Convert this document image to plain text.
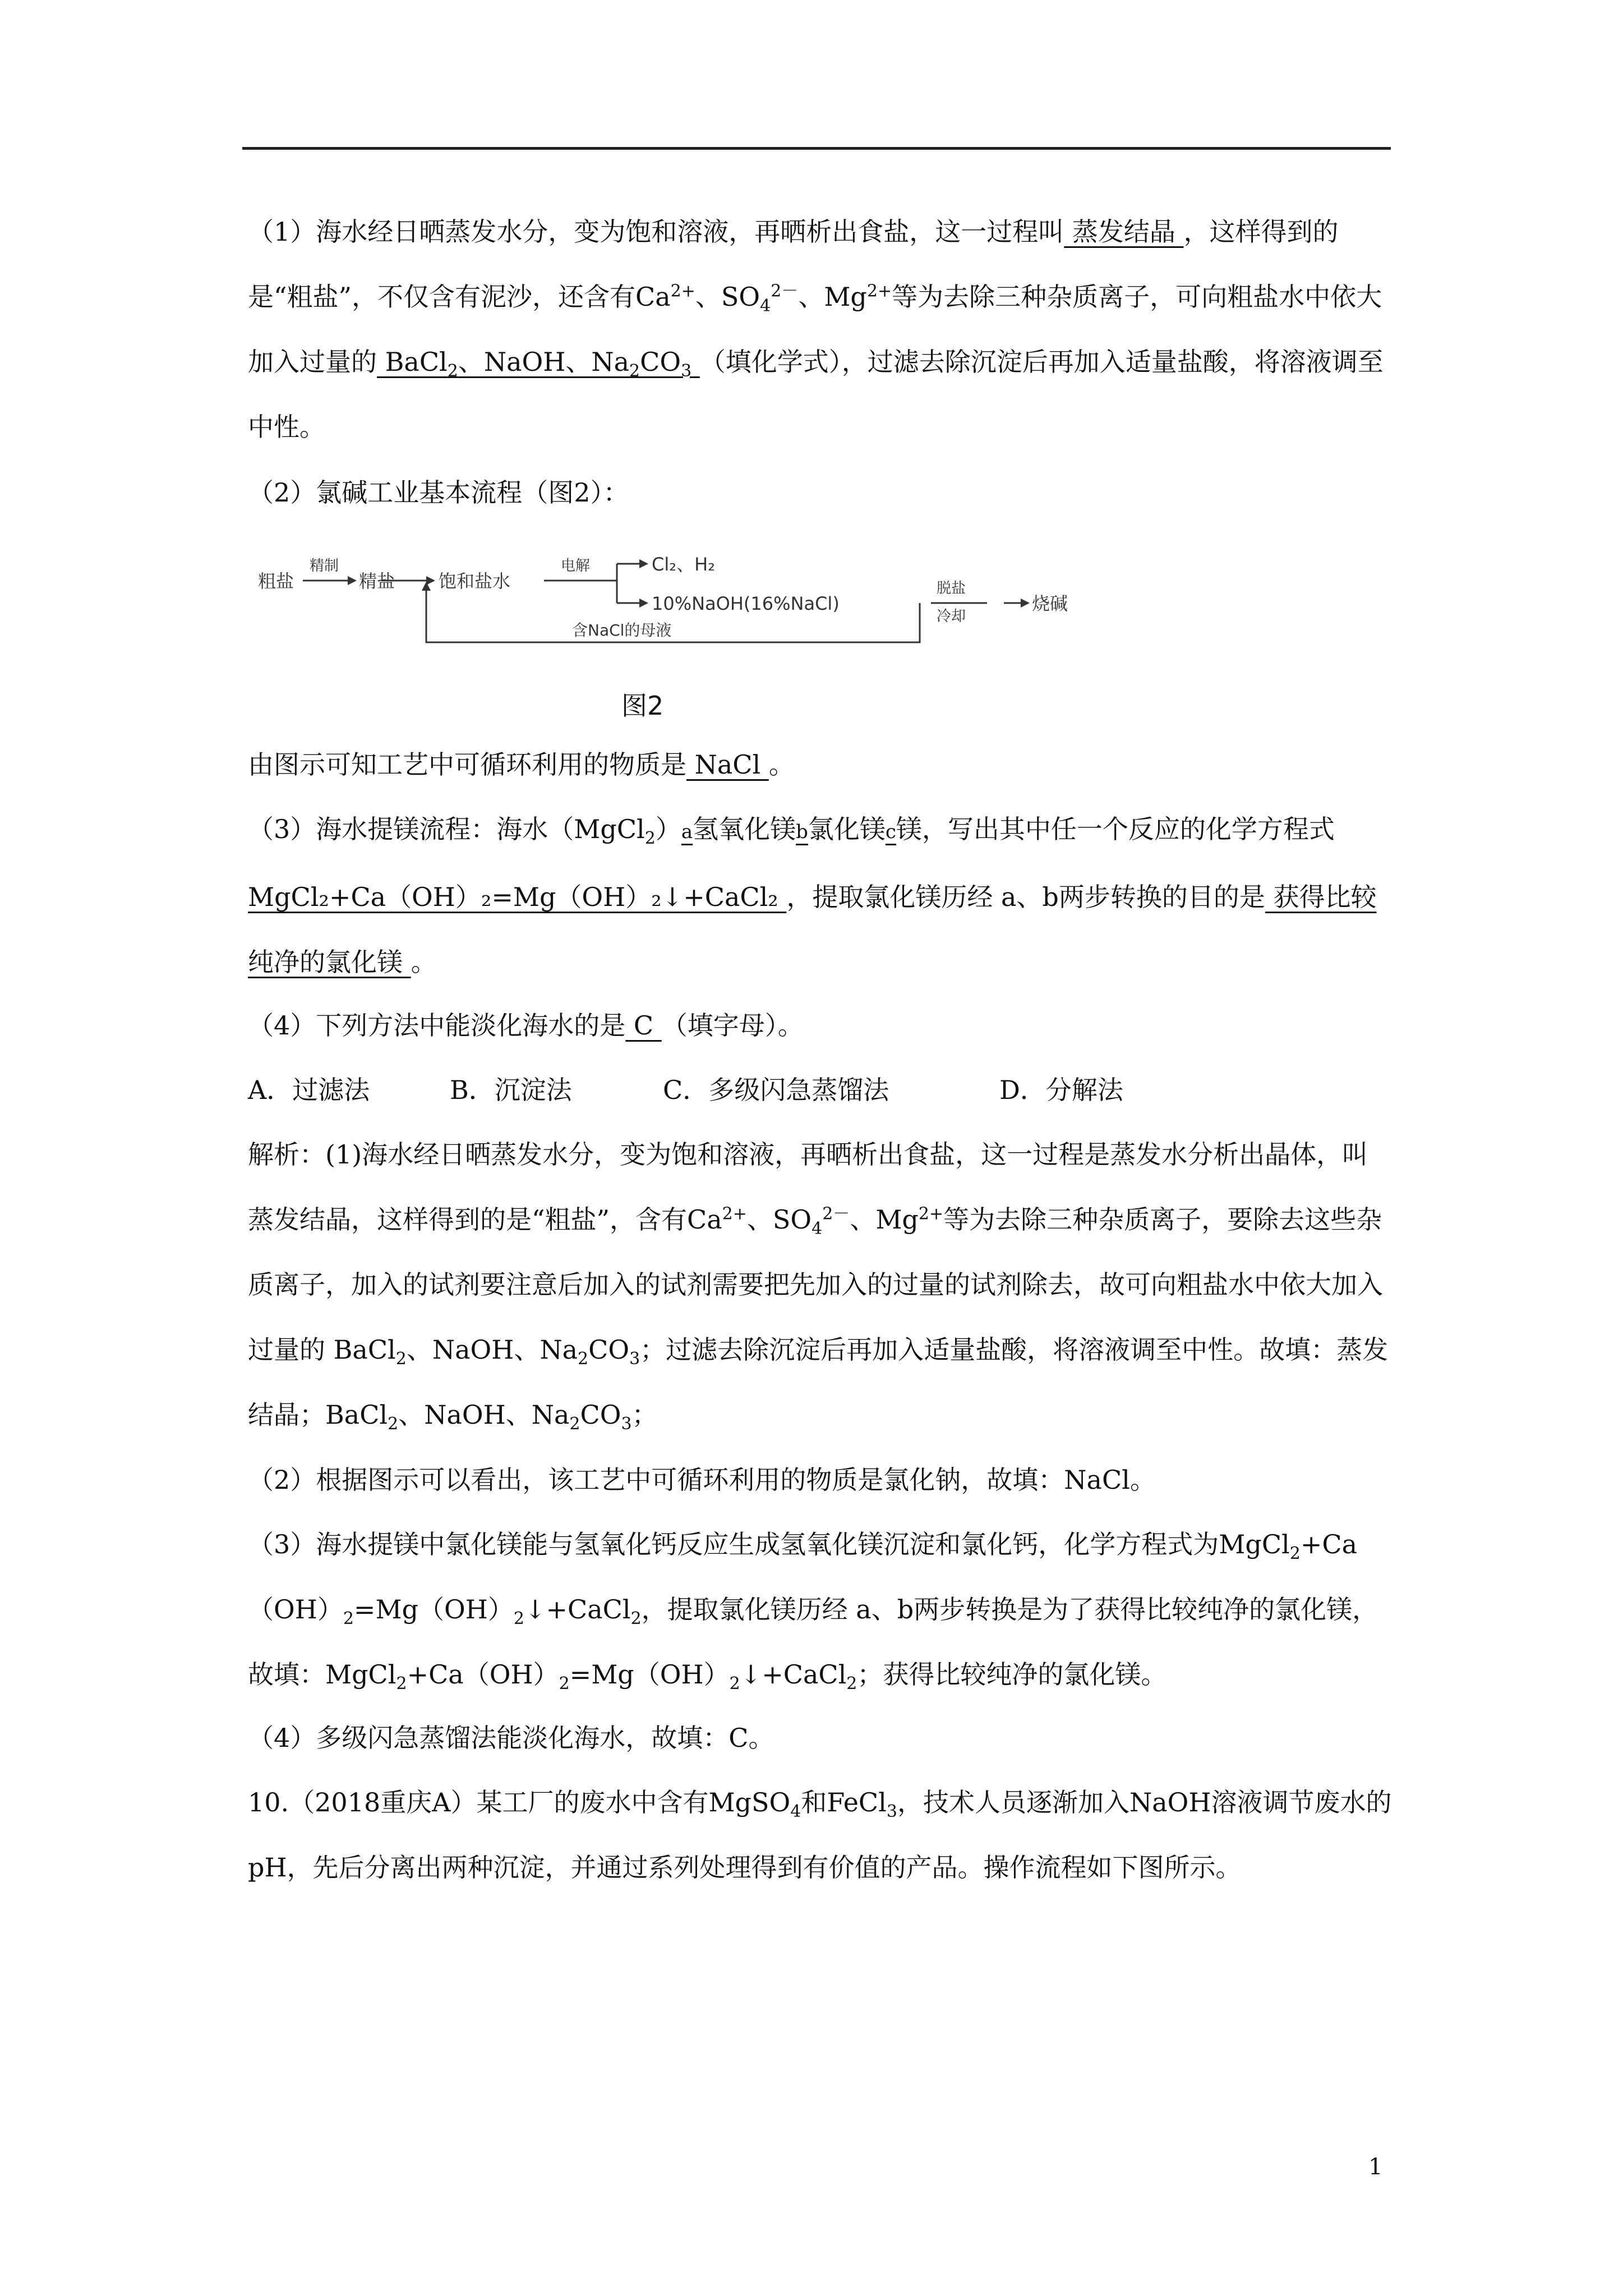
（1）海水经日晒蒸发水分，变为饱和溶液，再晒析出食盐，这一过程叫 蒸发结晶 ，这样得到的是“粗盐”，不仅含有泥沙，还含有$Ca^{2+}$、$SO_4^{2-}$、$Mg^{2+}$等为去除三种杂质离子，可向粗盐水中依大加入过量的 BaCl$_2$、NaOH、$Na_2CO_3$ （填化学式），过滤去除沉淀后再加入适量盐酸，将溶液调至中性。

（2）氯碱工业基本流程（图2）：

粗盐
精制
精盐 饱和盐水
电解	Cl₂、H₂
10%NaOH(16%NaCl)
脱盐
冷却
烧碱
含NaCl的母液
图2

由图示可知工艺中可循环利用的物质是 NaCl 。

（3）海水提镁流程：海水（MgCl$_2$）a氢氧化镁b氯化镁c镁，写出其中任一个反应的化学方程式 MgCl₂+Ca（OH）₂=Mg（OH）₂↓+CaCl₂ ，提取氯化镁历经 a、b两步转换的目的是 获得比较纯净的氯化镁 。

（4）下列方法中能淡化海水的是 C （填字母）。

A．过滤法	B．沉淀法	C．多级闪急蒸馏法	D．分解法

解析：(1)海水经日晒蒸发水分，变为饱和溶液，再晒析出食盐，这一过程是蒸发水分析出晶体，叫蒸发结晶，这样得到的是“粗盐”，含有$Ca^{2+}$、$SO_4^{2-}$、$Mg^{2+}$等为去除三种杂质离子，要除去这些杂质离子，加入的试剂要注意后加入的试剂需要把先加入的过量的试剂除去，故可向粗盐水中依大加入过量的 BaCl$_2$、NaOH、$Na_2CO_3$；过滤去除沉淀后再加入适量盐酸，将溶液调至中性。故填：蒸发结晶；BaCl$_2$、NaOH、$Na_2CO_3$；

（2）根据图示可以看出，该工艺中可循环利用的物质是氯化钠，故填：NaCl。

（3）海水提镁中氯化镁能与氢氧化钙反应生成氢氧化镁沉淀和氯化钙，化学方程式为$MgCl_2+Ca(OH)_2=Mg(OH)_2↓+CaCl_2$，提取氯化镁历经 a、b两步转换是为了获得比较纯净的氯化镁，故填：$MgCl_2+Ca(OH)_2=Mg(OH)_2↓+CaCl_2$；获得比较纯净的氯化镁。

（4）多级闪急蒸馏法能淡化海水，故填：C。

10.（2018重庆A）某工厂的废水中含有MgSO$_4$和FeCl$_3$，技术人员逐渐加入NaOH溶液调节废水的pH，先后分离出两种沉淀，并通过系列处理得到有价值的产品。操作流程如下图所示。

1
